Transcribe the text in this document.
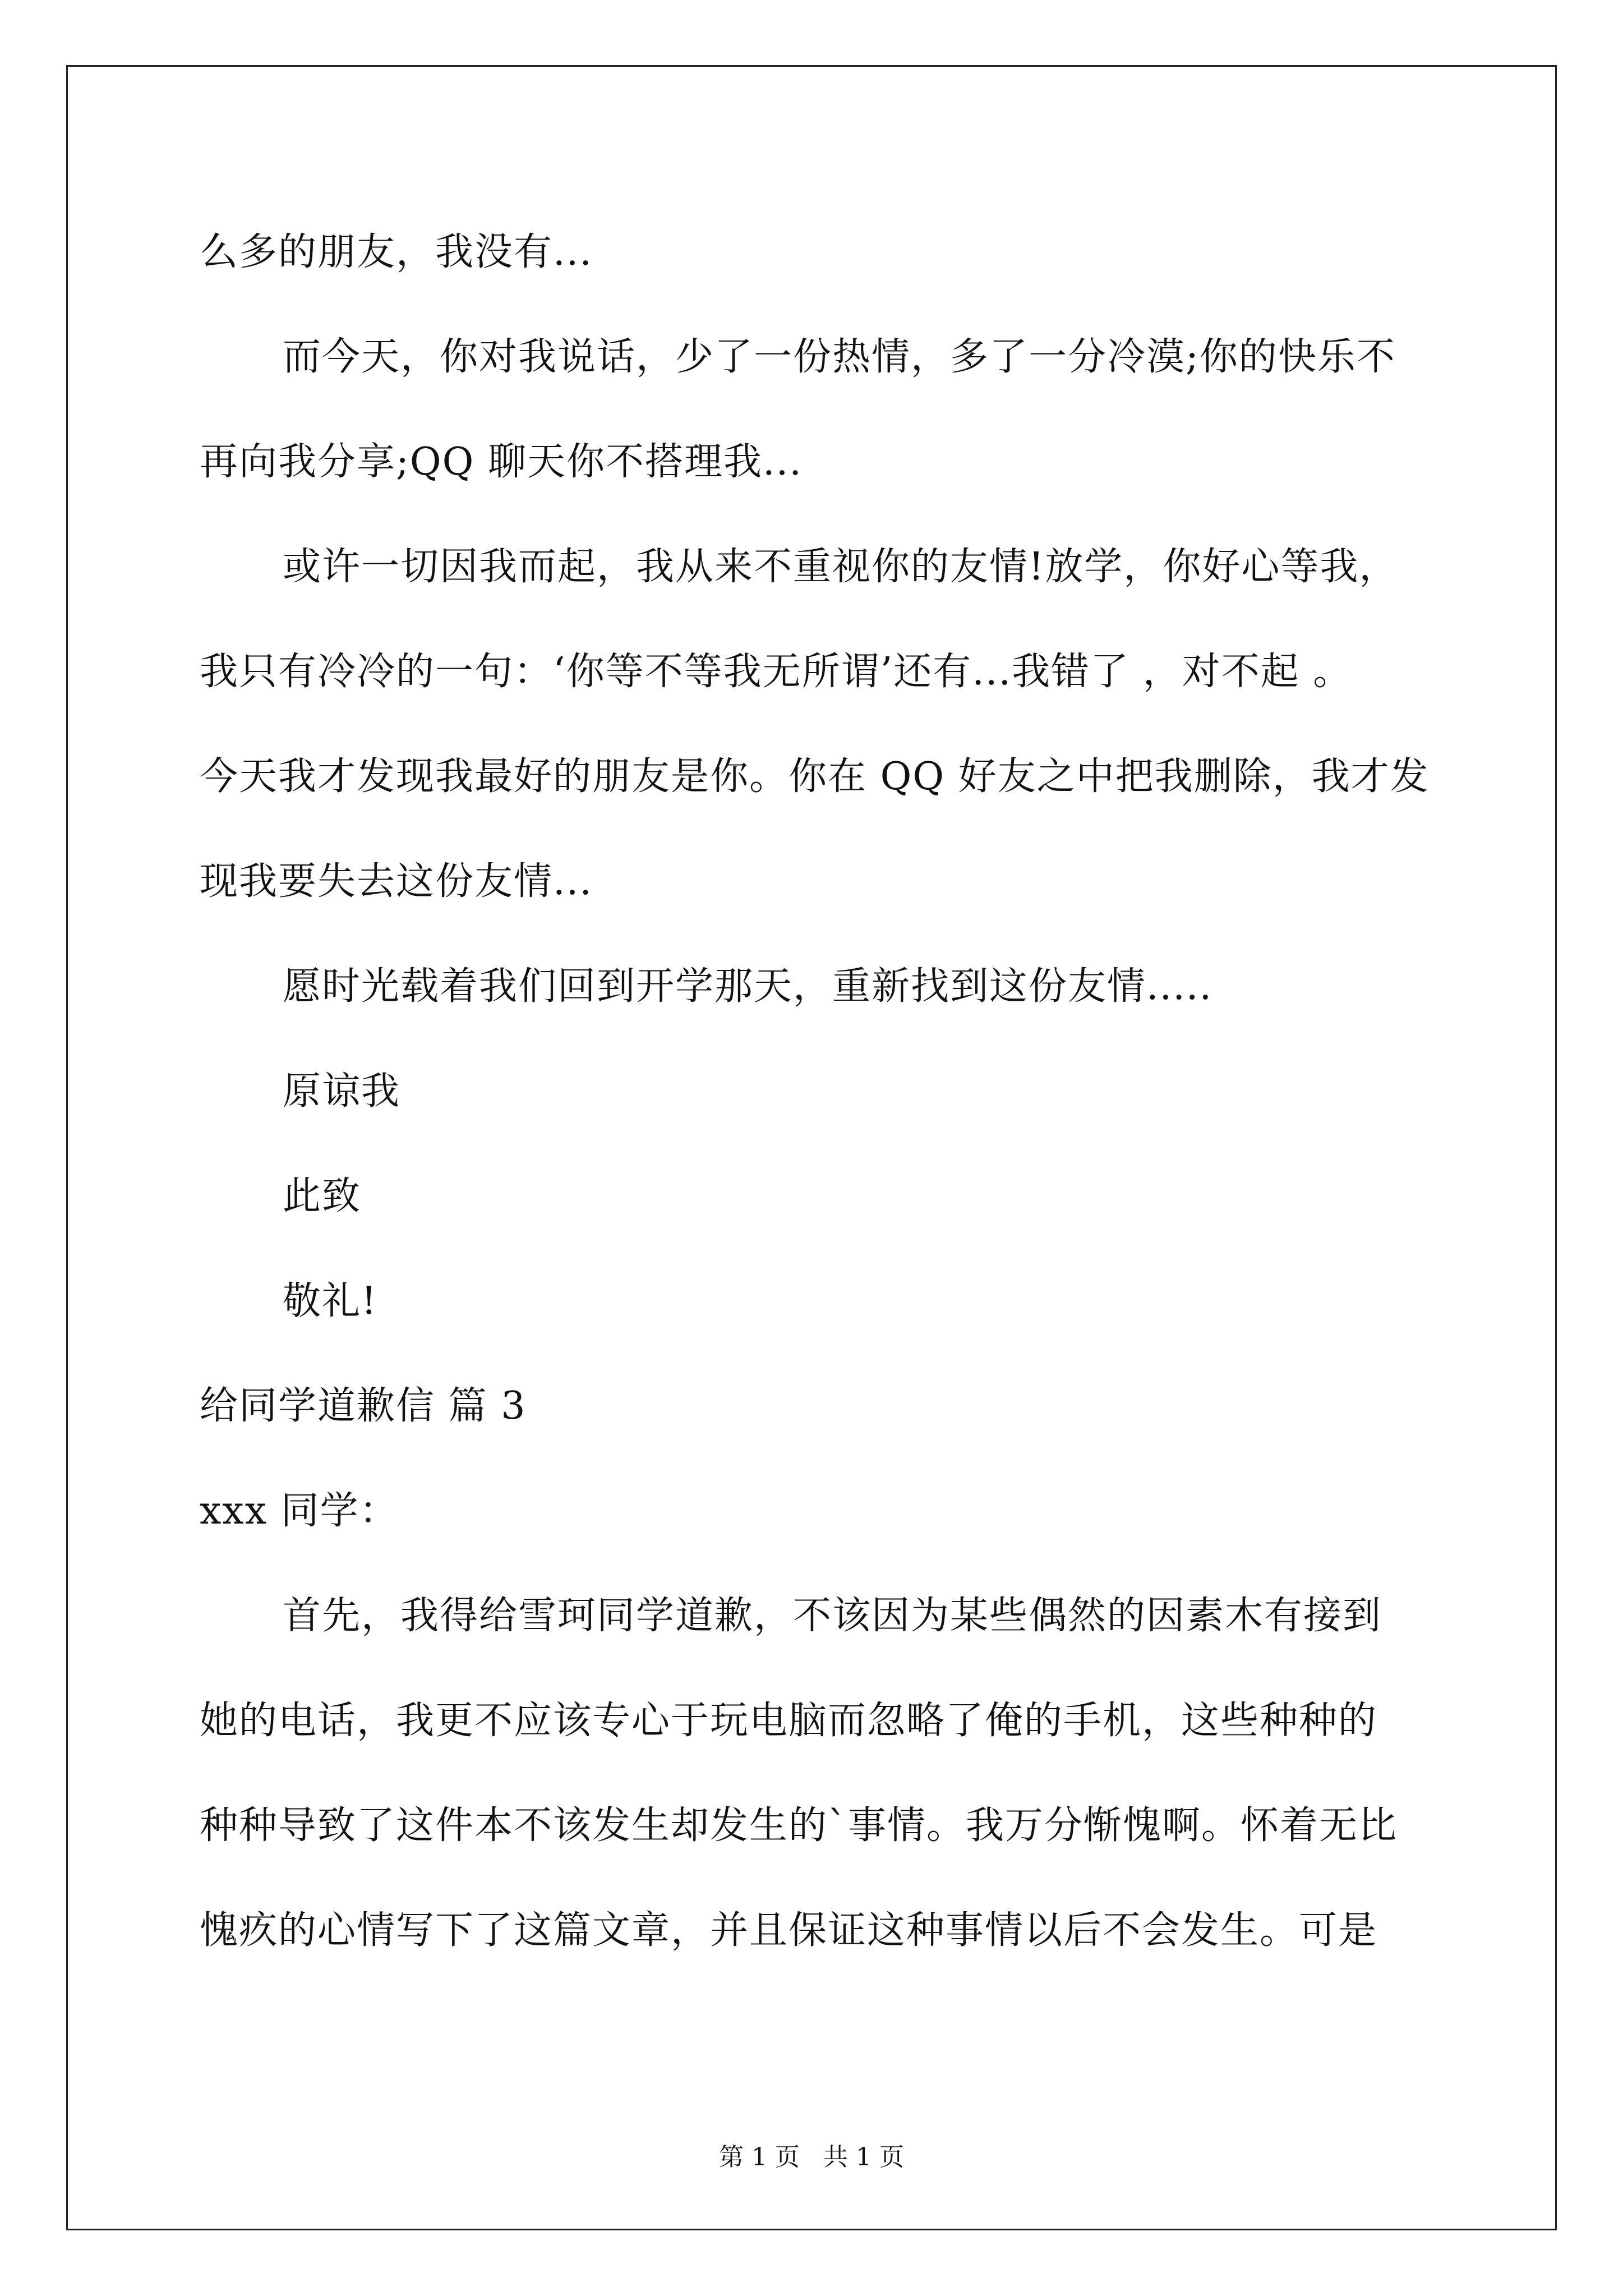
么多的朋友，我没有...
而今天，你对我说话，少了一份热情，多了一分冷漠;你的快乐不
再向我分享;QQ 聊天你不搭理我...
或许一切因我而起，我从来不重视你的友情!放学，你好心等我，
我只有冷冷的一句：‘你等不等我无所谓’还有...我错了 ，对不起 。
今天我才发现我最好的朋友是你。你在 QQ 好友之中把我删除，我才发
现我要失去这份友情...
愿时光载着我们回到开学那天，重新找到这份友情.....
原谅我
此致
敬礼!
给同学道歉信 篇 3
xxx 同学：
首先，我得给雪珂同学道歉，不该因为某些偶然的因素木有接到
她的电话，我更不应该专心于玩电脑而忽略了俺的手机，这些种种的
种种导致了这件本不该发生却发生的`事情。我万分惭愧啊。怀着无比
愧疚的心情写下了这篇文章，并且保证这种事情以后不会发生。可是
第 1 页   共 1 页
